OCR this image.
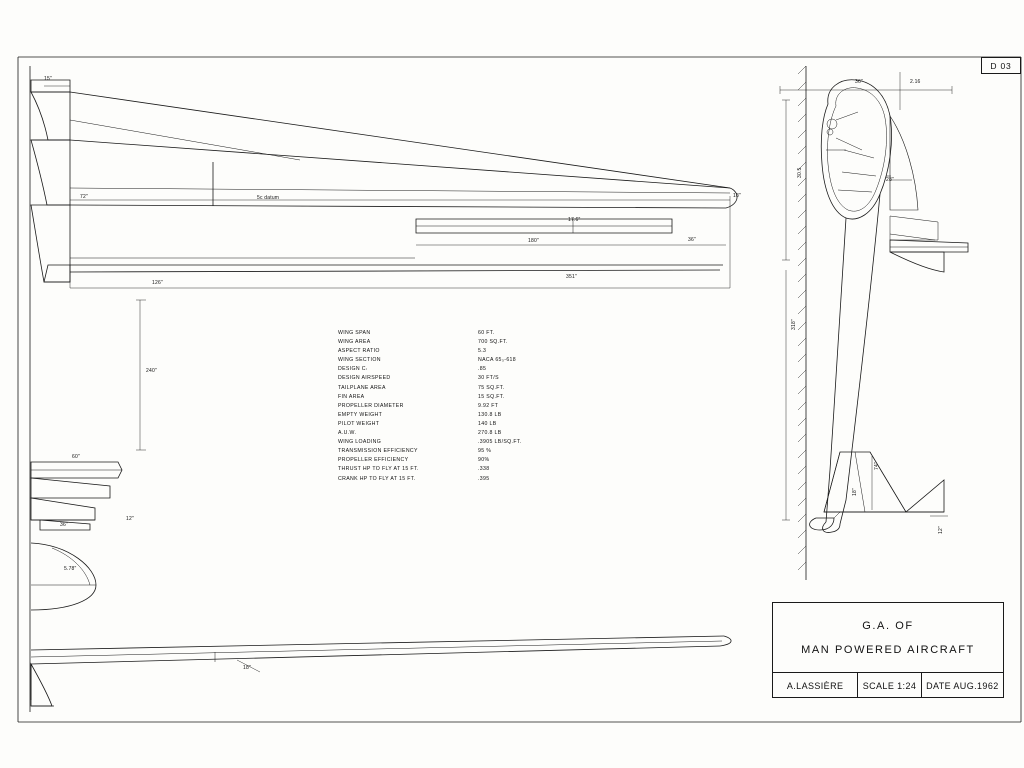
WING SPAN	60 FT.
WING AREA	700 SQ.FT.
ASPECT RATIO	5.3
WING SECTION	NACA 65₃-618
DESIGN Cₗ	.85
DESIGN AIRSPEED	30 FT/S
TAILPLANE AREA	75 SQ.FT.
FIN AREA	15 SQ.FT.
PROPELLER DIAMETER	9.92 FT
EMPTY WEIGHT	130.8 LB
PILOT WEIGHT	140 LB
A.U.W.	270.8 LB
WING LOADING	.3905 LB/SQ.FT.
TRANSMISSION EFFICIENCY	95 %
PROPELLER EFFICIENCY	90%
THRUST HP TO FLY AT 15 FT.	.338
CRANK HP TO FLY AT 15 FT.	.395
15"
72"	5c datum	18"
17.6"
180"	36"
126"
351"
240"
60"
36"
12"
5.78"
18"
2.16
36"
30.5
28"
318"
74"
18"
12"
D 03
G.A. OF
MAN POWERED AIRCRAFT
A.LASSIÈRE	SCALE 1:24	DATE AUG.1962
